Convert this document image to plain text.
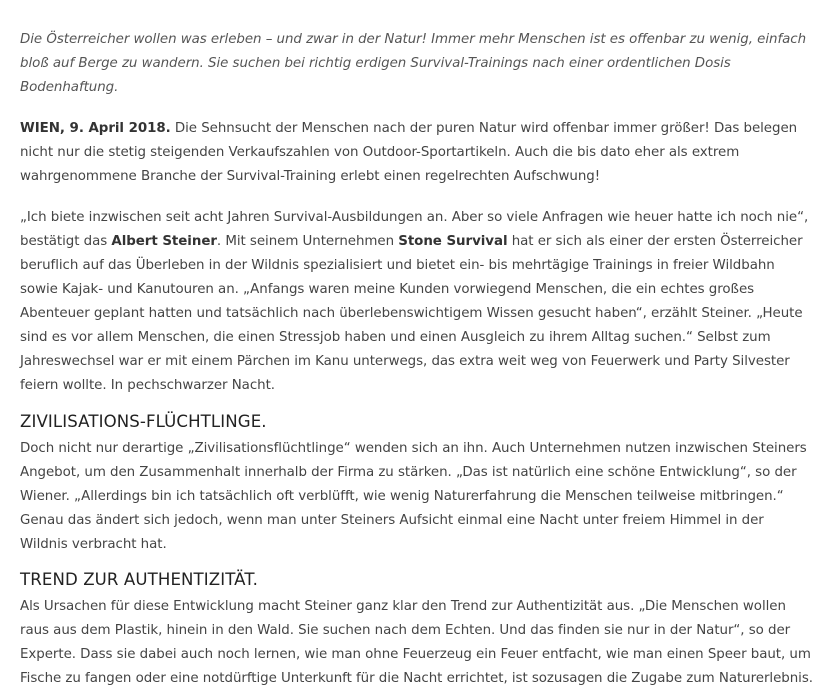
Die Österreicher wollen was erleben – und zwar in der Natur! Immer mehr Menschen ist es offenbar zu wenig, einfach bloß auf Berge zu wandern. Sie suchen bei richtig erdigen Survival-Trainings nach einer ordentlichen Dosis Bodenhaftung.

WIEN, 9. April 2018. Die Sehnsucht der Menschen nach der puren Natur wird offenbar immer größer! Das belegen nicht nur die stetig steigenden Verkaufszahlen von Outdoor-Sportartikeln. Auch die bis dato eher als extrem wahrgenommene Branche der Survival-Training erlebt einen regelrechten Aufschwung!

„Ich biete inzwischen seit acht Jahren Survival-Ausbildungen an. Aber so viele Anfragen wie heuer hatte ich noch nie“, bestätigt das Albert Steiner. Mit seinem Unternehmen Stone Survival hat er sich als einer der ersten Österreicher beruflich auf das Überleben in der Wildnis spezialisiert und bietet ein- bis mehrtägige Trainings in freier Wildbahn sowie Kajak- und Kanutouren an. „Anfangs waren meine Kunden vorwiegend Menschen, die ein echtes großes Abenteuer geplant hatten und tatsächlich nach überlebenswichtigem Wissen gesucht haben“, erzählt Steiner. „Heute sind es vor allem Menschen, die einen Stressjob haben und einen Ausgleich zu ihrem Alltag suchen.“ Selbst zum Jahreswechsel war er mit einem Pärchen im Kanu unterwegs, das extra weit weg von Feuerwerk und Party Silvester feiern wollte. In pechschwarzer Nacht.

ZIVILISATIONS-FLÜCHTLINGE.

Doch nicht nur derartige „Zivilisationsflüchtlinge“ wenden sich an ihn. Auch Unternehmen nutzen inzwischen Steiners Angebot, um den Zusammenhalt innerhalb der Firma zu stärken. „Das ist natürlich eine schöne Entwicklung“, so der Wiener. „Allerdings bin ich tatsächlich oft verblüfft, wie wenig Naturerfahrung die Menschen teilweise mitbringen.“ Genau das ändert sich jedoch, wenn man unter Steiners Aufsicht einmal eine Nacht unter freiem Himmel in der Wildnis verbracht hat.

TREND ZUR AUTHENTIZITÄT.

Als Ursachen für diese Entwicklung macht Steiner ganz klar den Trend zur Authentizität aus. „Die Menschen wollen raus aus dem Plastik, hinein in den Wald. Sie suchen nach dem Echten. Und das finden sie nur in der Natur“, so der Experte. Dass sie dabei auch noch lernen, wie man ohne Feuerzeug ein Feuer entfacht, wie man einen Speer baut, um Fische zu fangen oder eine notdürftige Unterkunft für die Nacht errichtet, ist sozusagen die Zugabe zum Naturerlebnis.
